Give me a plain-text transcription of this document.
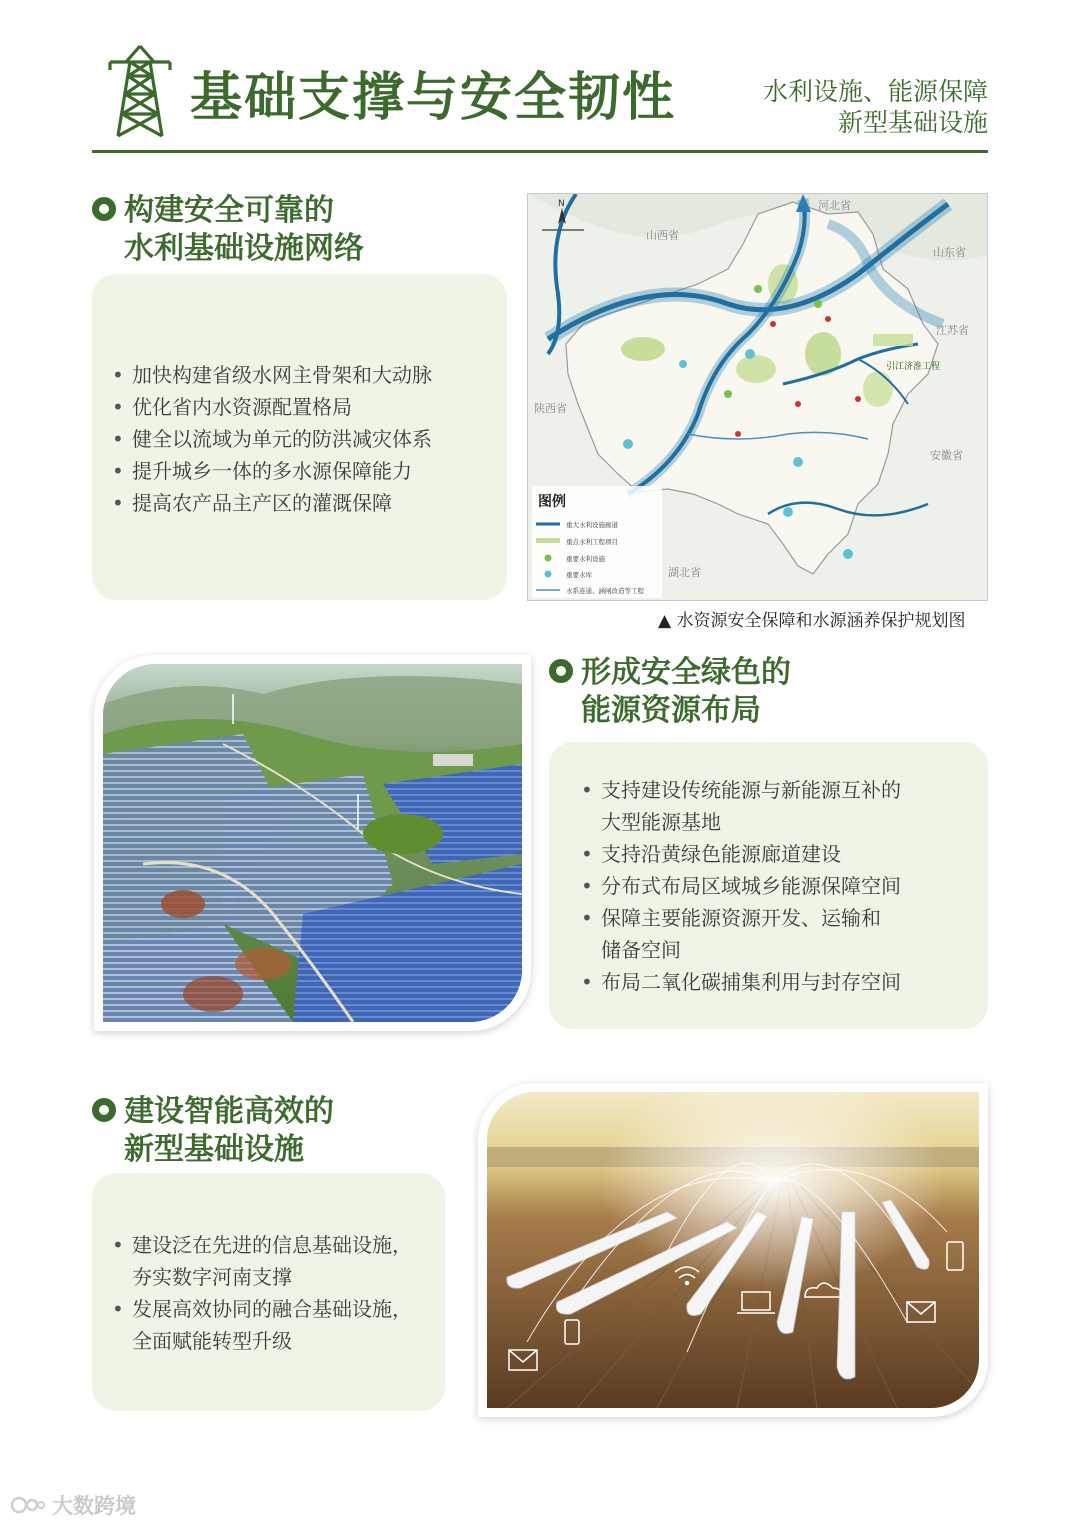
基础支撑与安全韧性	水利设施、能源保障
新型基础设施
构建安全可靠的
水利基础设施网络
• 加快构建省级水网主骨架和大动脉
• 优化省内水资源配置格局
• 健全以流域为单元的防洪减灾体系
• 提升城乡一体的多水源保障能力
• 提高农产品主产区的灌溉保障
N
山西省
河北省
山东省
江苏省
安徽省
湖北省
陕西省
引江济淮工程
图例
重大水利设施廊道
重点水利工程项目
重要水利设施
重要水库
水系连通、涵闸改造等工程
▲ 水资源安全保障和水源涵养保护规划图
形成安全绿色的
能源资源布局
• 支持建设传统能源与新能源互补的
大型能源基地
• 支持沿黄绿色能源廊道建设
• 分布式布局区域城乡能源保障空间
• 保障主要能源资源开发、运输和
储备空间
• 布局二氧化碳捕集利用与封存空间
建设智能高效的
新型基础设施
• 建设泛在先进的信息基础设施，
夯实数字河南支撑
• 发展高效协同的融合基础设施，
全面赋能转型升级
大数跨境
